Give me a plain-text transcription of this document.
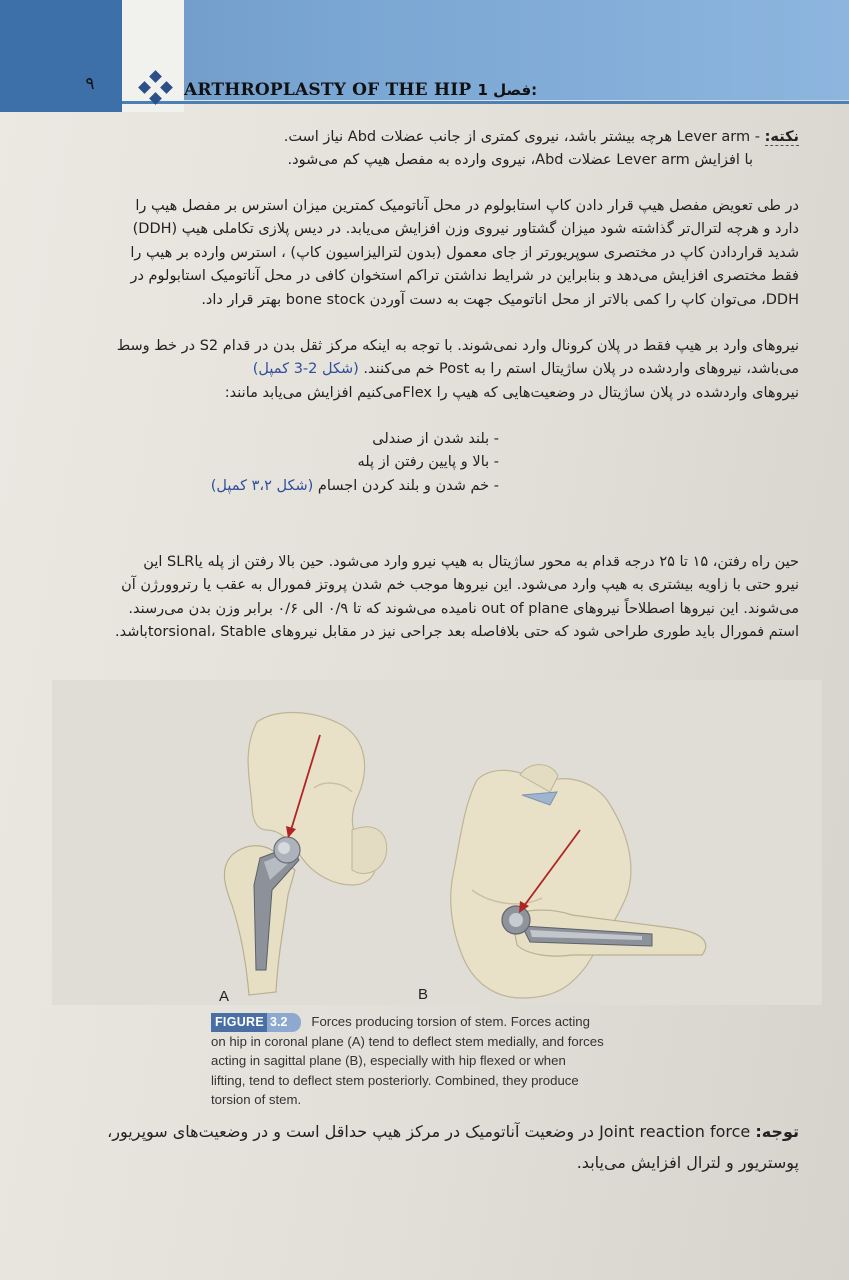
۹	ARTHROPLASTY OF THE HIP فصل 1:
نکته: - Lever arm هرچه بیشتر باشد، نیروی کمتری از جانب عضلات Abd نیاز است.
با افزایش Lever arm عضلات Abd، نیروی وارده به مفصل هیپ کم می‌شود.
در طی تعویض مفصل هیپ قرار دادن کاپ استابولوم در محل آناتومیک کمترین میزان استرس بر مفصل هیپ را
دارد و هرچه لترال‌تر گذاشته شود میزان گشتاور نیروی وزن افزایش می‌یابد. در دیس پلازی تکاملی هیپ (DDH)
شدید قراردادن کاپ در مختصری سوپریورتر از جای معمول (بدون لترالیزاسیون کاپ) ، استرس وارده بر هیپ را
فقط مختصری افزایش می‌دهد و بنابراین در شرایط نداشتن تراکم استخوان کافی در محل آناتومیک استابولوم در
DDH، می‌توان کاپ را کمی بالاتر از محل اناتومیک جهت به دست آوردن bone stock بهتر قرار داد.
نیروهای وارد بر هیپ فقط در پلان کرونال وارد نمی‌شوند. با توجه به اینکه مرکز ثقل بدن در قدام S2 در خط وسط
می‌باشد، نیروهای واردشده در پلان ساژیتال استم را به Post خم می‌کنند. (شکل 2-3 کمپل)
نیروهای واردشده در پلان ساژیتال در وضعیت‌هایی که هیپ را Flexمی‌کنیم افزایش می‌یابد مانند:
- بلند شدن از صندلی
- بالا و پایین رفتن از پله
- خم شدن و بلند کردن اجسام (شکل ۳،۲ کمپل)
حین راه رفتن، ۱۵ تا ۲۵ درجه قدام به محور ساژیتال به هیپ نیرو وارد می‌شود. حین بالا رفتن از پله یاSLR این
نیرو حتی با زاویه بیشتری به هیپ وارد می‌شود. این نیروها موجب خم شدن پروتز فمورال به عقب یا رتروورژن آن
می‌شوند. این نیروها اصطلاحاً نیروهای out of plane نامیده می‌شوند که تا ۰/۹ الی ۰/۶ برابر وزن بدن می‌رسند.
استم فمورال باید طوری طراحی شود که حتی بلافاصله بعد جراحی نیز در مقابل نیروهای torsional، Stableباشد.
A	B
FIGURE 3.2 Forces producing torsion of stem. Forces acting
on hip in coronal plane (A) tend to deflect stem medially, and forces
acting in sagittal plane (B), especially with hip flexed or when
lifting, tend to deflect stem posteriorly. Combined, they produce
torsion of stem.
توجه: Joint reaction force در وضعیت آناتومیک در مرکز هیپ حداقل است و در وضعیت‌های سوپریور،
پوستریور و لترال افزایش می‌یابد.
